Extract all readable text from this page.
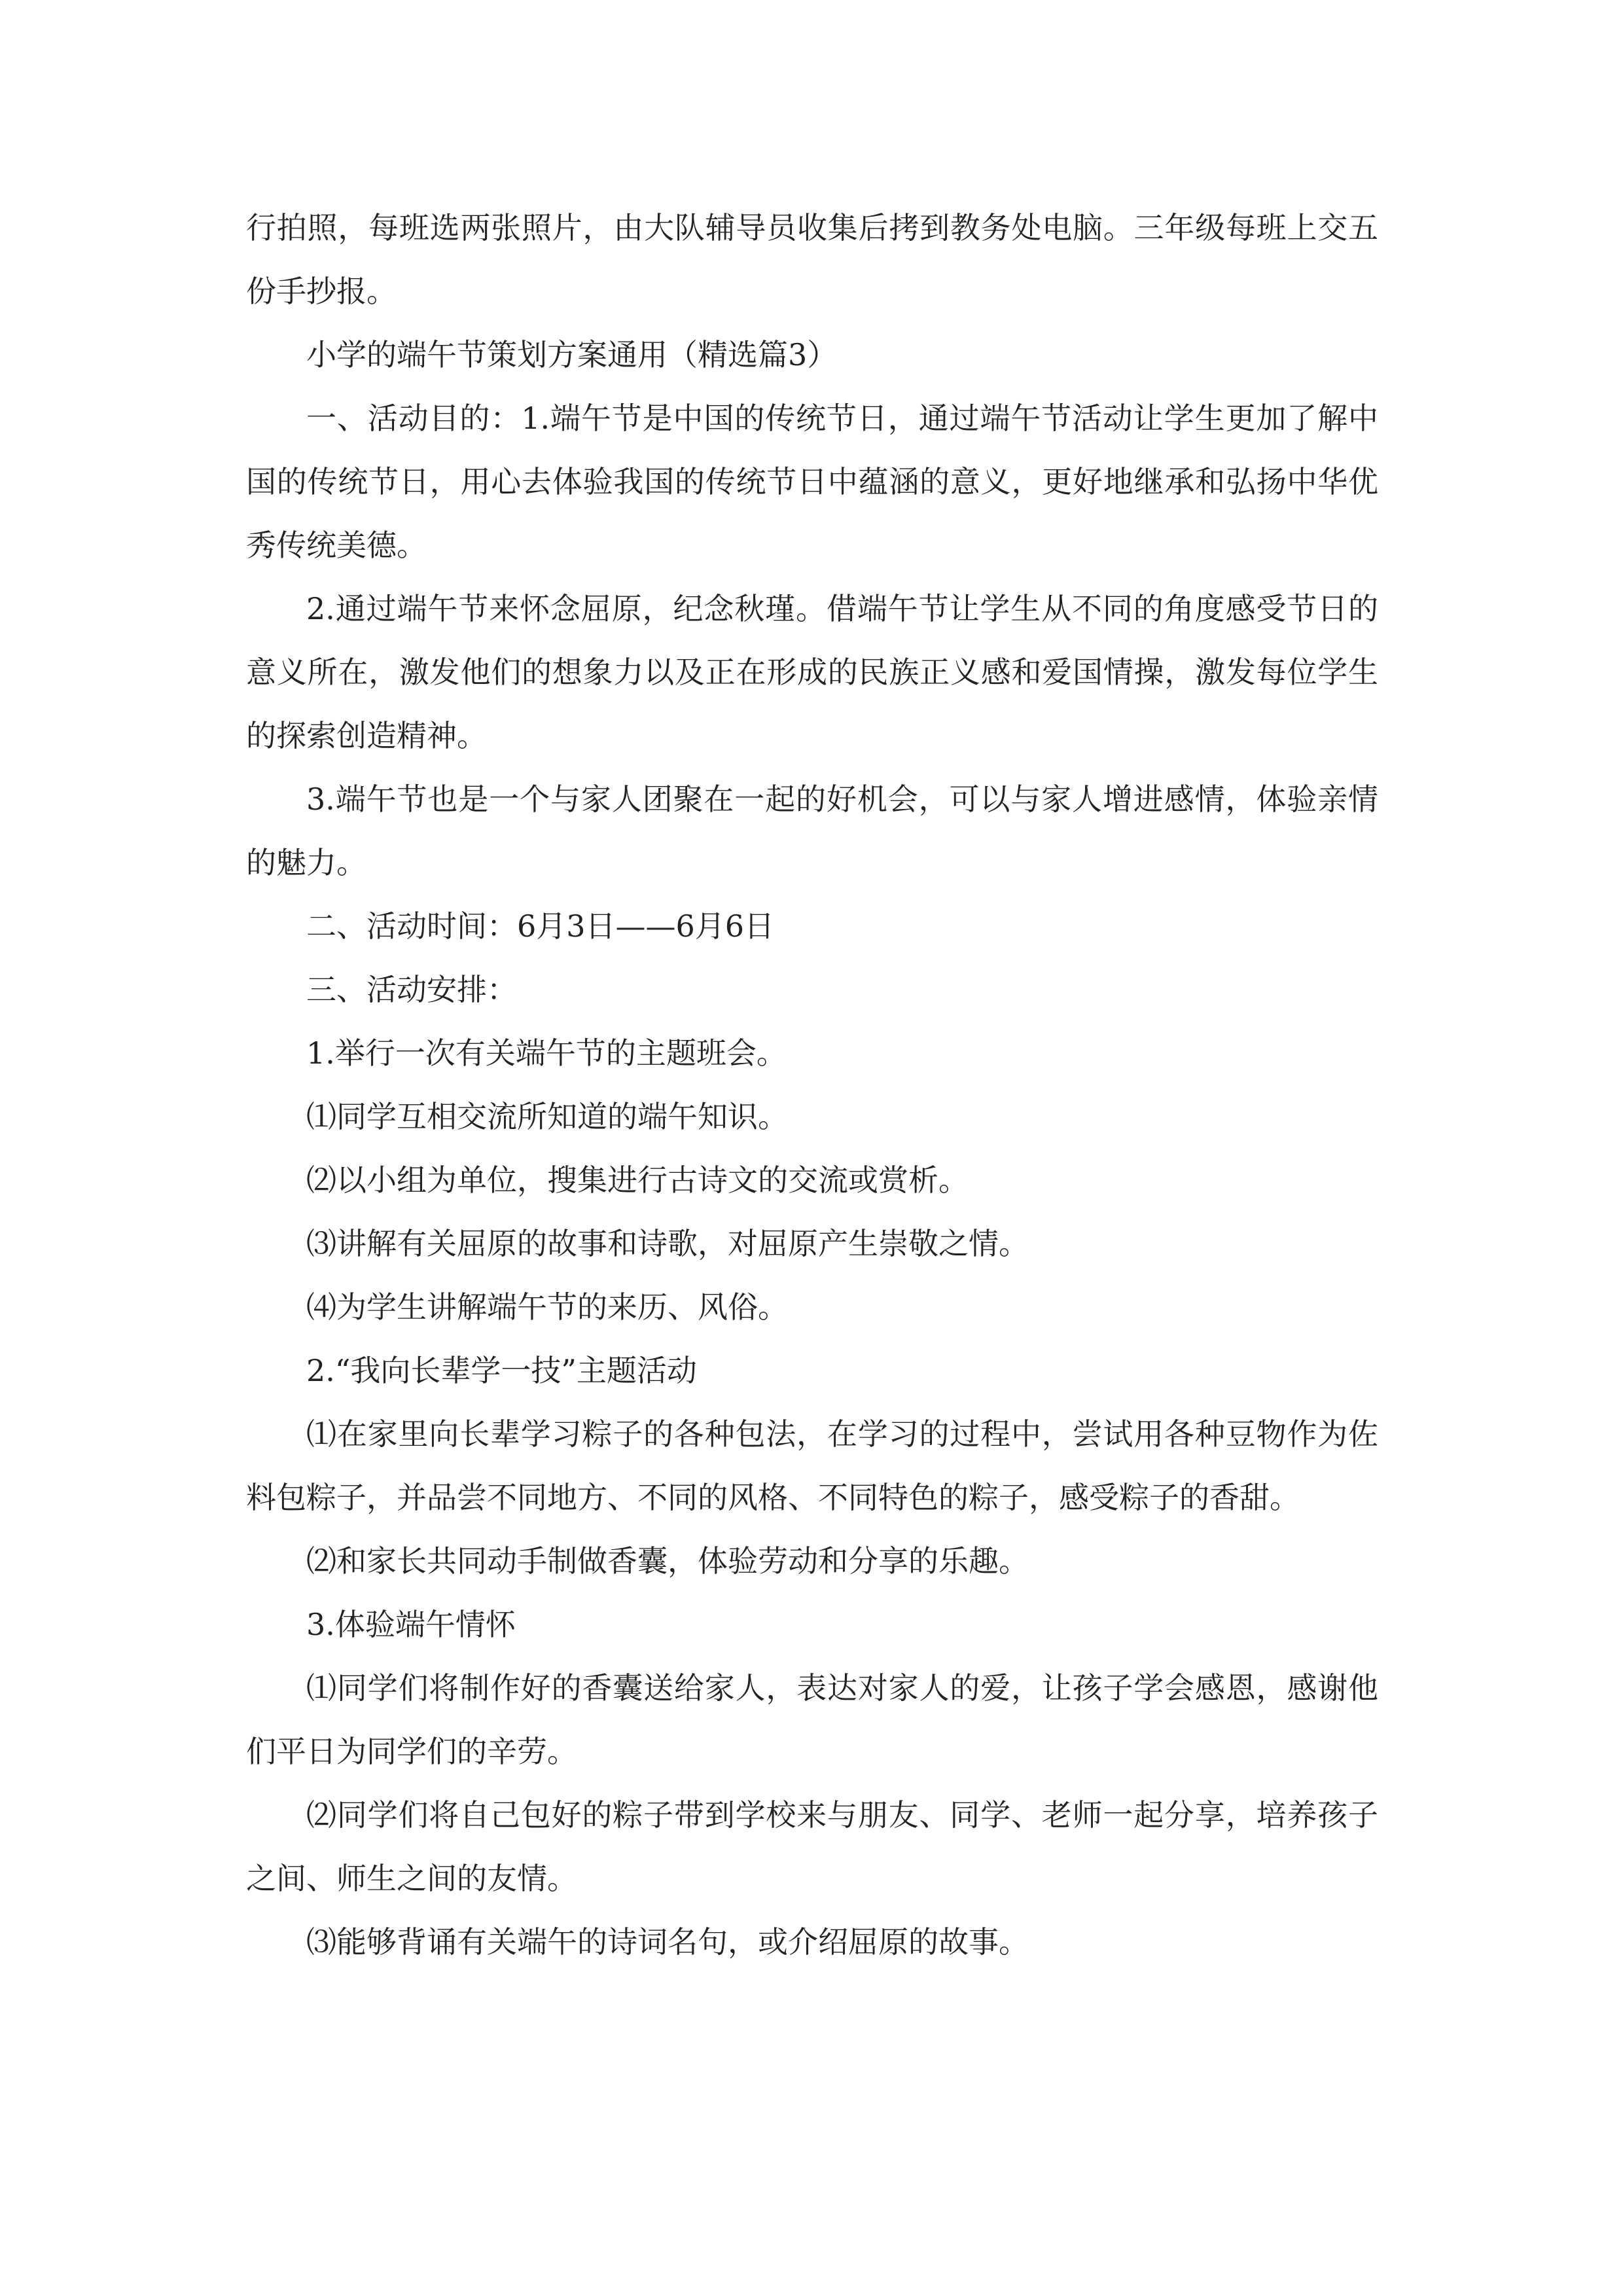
行拍照，每班选两张照片，由大队辅导员收集后拷到教务处电脑。三年级每班上交五份手抄报。

小学的端午节策划方案通用（精选篇3）

一、活动目的：1.端午节是中国的传统节日，通过端午节活动让学生更加了解中国的传统节日，用心去体验我国的传统节日中蕴涵的意义，更好地继承和弘扬中华优秀传统美德。

2.通过端午节来怀念屈原，纪念秋瑾。借端午节让学生从不同的角度感受节日的意义所在，激发他们的想象力以及正在形成的民族正义感和爱国情操，激发每位学生的探索创造精神。

3.端午节也是一个与家人团聚在一起的好机会，可以与家人增进感情，体验亲情的魅力。

二、活动时间：6月3日——6月6日

三、活动安排：

1.举行一次有关端午节的主题班会。

⑴同学互相交流所知道的端午知识。

⑵以小组为单位，搜集进行古诗文的交流或赏析。

⑶讲解有关屈原的故事和诗歌，对屈原产生崇敬之情。

⑷为学生讲解端午节的来历、风俗。

2.“我向长辈学一技”主题活动

⑴在家里向长辈学习粽子的各种包法，在学习的过程中，尝试用各种豆物作为佐料包粽子，并品尝不同地方、不同的风格、不同特色的粽子，感受粽子的香甜。

⑵和家长共同动手制做香囊，体验劳动和分享的乐趣。

3.体验端午情怀

⑴同学们将制作好的香囊送给家人，表达对家人的爱，让孩子学会感恩，感谢他们平日为同学们的辛劳。

⑵同学们将自己包好的粽子带到学校来与朋友、同学、老师一起分享，培养孩子之间、师生之间的友情。

⑶能够背诵有关端午的诗词名句，或介绍屈原的故事。
